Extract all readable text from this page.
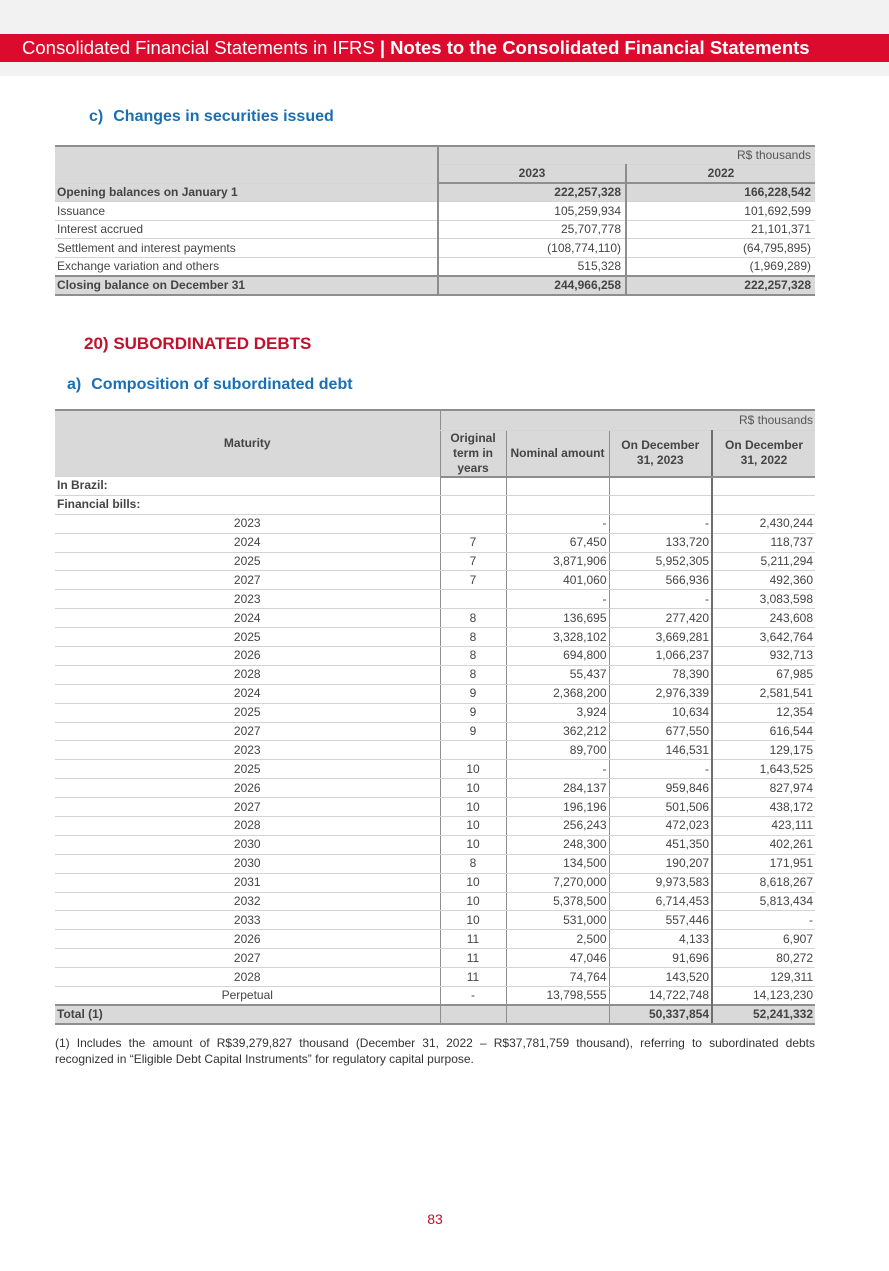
Consolidated Financial Statements in IFRS | Notes to the Consolidated Financial Statements
c) Changes in securities issued
	R$ thousands	
	2023	2022
Opening balances on January 1	222,257,328	166,228,542
Issuance	105,259,934	101,692,599
Interest accrued	25,707,778	21,101,371
Settlement and interest payments	(108,774,110)	(64,795,895)
Exchange variation and others	515,328	(1,969,289)
Closing balance on December 31	244,966,258	222,257,328
20) SUBORDINATED DEBTS
a) Composition of subordinated debt
Maturity	R$ thousands			
	Original term in years	Nominal amount	On December 31, 2023	On December 31, 2022
In Brazil:				
Financial bills:				
2023		-	-	2,430,244
2024	7	67,450	133,720	118,737
2025	7	3,871,906	5,952,305	5,211,294
2027	7	401,060	566,936	492,360
2023		-	-	3,083,598
2024	8	136,695	277,420	243,608
2025	8	3,328,102	3,669,281	3,642,764
2026	8	694,800	1,066,237	932,713
2028	8	55,437	78,390	67,985
2024	9	2,368,200	2,976,339	2,581,541
2025	9	3,924	10,634	12,354
2027	9	362,212	677,550	616,544
2023		89,700	146,531	129,175
2025	10	-	-	1,643,525
2026	10	284,137	959,846	827,974
2027	10	196,196	501,506	438,172
2028	10	256,243	472,023	423,111
2030	10	248,300	451,350	402,261
2030	8	134,500	190,207	171,951
2031	10	7,270,000	9,973,583	8,618,267
2032	10	5,378,500	6,714,453	5,813,434
2033	10	531,000	557,446	-
2026	11	2,500	4,133	6,907
2027	11	47,046	91,696	80,272
2028	11	74,764	143,520	129,311
Perpetual	-	13,798,555	14,722,748	14,123,230
Total (1)			50,337,854	52,241,332
(1) Includes the amount of R$39,279,827 thousand (December 31, 2022 – R$37,781,759 thousand), referring to subordinated debts recognized in “Eligible Debt Capital Instruments” for regulatory capital purpose.
83
